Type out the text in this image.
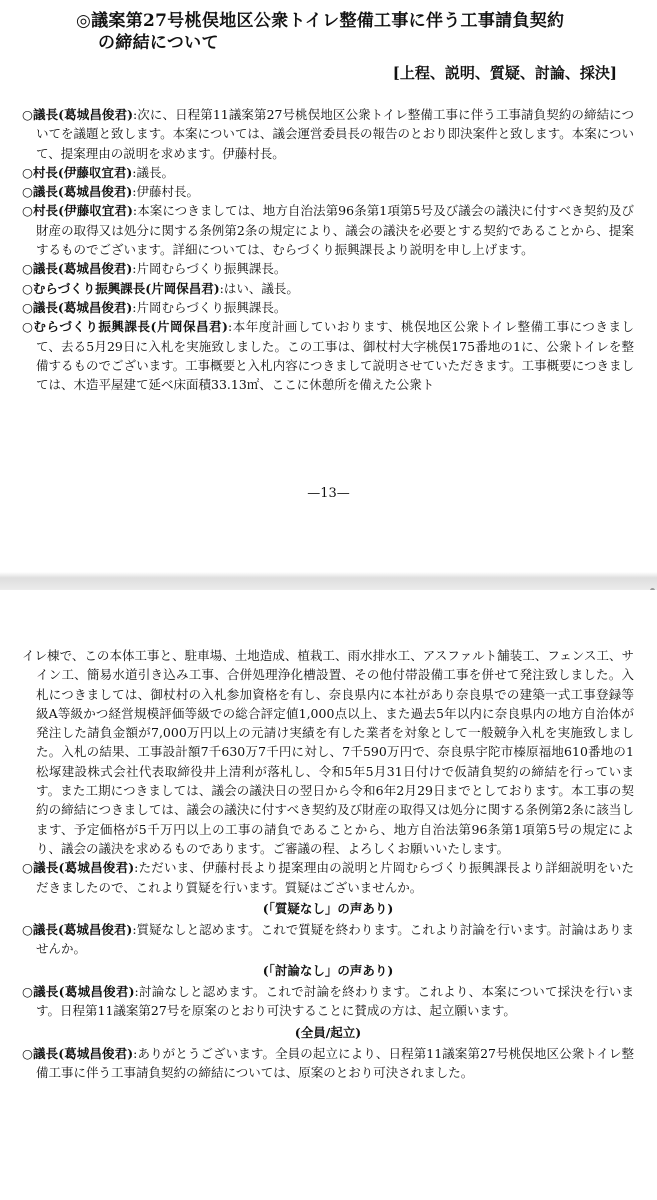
◎議案第27号桃俣地区公衆トイレ整備工事に伴う工事請負契約
の締結について
[上程、説明、質疑、討論、採決]

○議長(葛城昌俊君):次に、日程第11議案第27号桃俣地区公衆トイレ整備工事に伴う工事請負契約の締結についてを議題と致します。本案については、議会運営委員長の報告のとおり即決案件と致します。本案について、提案理由の説明を求めます。伊藤村長。

○村長(伊藤収宜君):議長。

○議長(葛城昌俊君):伊藤村長。

○村長(伊藤収宜君):本案につきましては、地方自治法第96条第1項第5号及び議会の議決に付すべき契約及び財産の取得又は処分に関する条例第2条の規定により、議会の議決を必要とする契約であることから、提案するものでございます。詳細については、むらづくり振興課長より説明を申し上げます。

○議長(葛城昌俊君):片岡むらづくり振興課長。

○むらづくり振興課長(片岡保昌君):はい、議長。

○議長(葛城昌俊君):片岡むらづくり振興課長。

○むらづくり振興課長(片岡保昌君):本年度計画していおります、桃俣地区公衆トイレ整備工事につきまして、去る5月29日に入札を実施致しました。この工事は、御杖村大字桃俣175番地の1に、公衆トイレを整備するものでございます。工事概要と入札内容につきまして説明させていただきます。工事概要につきましては、木造平屋建て延べ床面積33.13㎡、ここに休憩所を備えた公衆ト

—13—

イレ棟で、この本体工事と、駐車場、土地造成、植栽工、雨水排水工、アスファルト舗装工、フェンス工、サイン工、簡易水道引き込み工事、合併処理浄化槽設置、その他付帯設備工事を併せて発注致しました。入札につきましては、御杖村の入札参加資格を有し、奈良県内に本社があり奈良県での建築一式工事登録等級A等級かつ経営規模評価等級での総合評定値1,000点以上、また過去5年以内に奈良県内の地方自治体が発注した請負金額が7,000万円以上の元請け実績を有した業者を対象として一般競争入札を実施致しました。入札の結果、工事設計額7千630万7千円に対し、7千590万円で、奈良県宇陀市榛原福地610番地の1松塚建設株式会社代表取締役井上清利が落札し、令和5年5月31日付けで仮請負契約の締結を行っています。また工期につきましては、議会の議決日の翌日から令和6年2月29日までとしております。本工事の契約の締結につきましては、議会の議決に付すべき契約及び財産の取得又は処分に関する条例第2条に該当します、予定価格が5千万円以上の工事の請負であることから、地方自治法第96条第1項第5号の規定により、議会の議決を求めるものであります。ご審議の程、よろしくお願いいたします。

○議長(葛城昌俊君):ただいま、伊藤村長より提案理由の説明と片岡むらづくり振興課長より詳細説明をいただきましたので、これより質疑を行います。質疑はございませんか。

(「質疑なし」の声あり)

○議長(葛城昌俊君):質疑なしと認めます。これで質疑を終わります。これより討論を行います。討論はありませんか。

(「討論なし」の声あり)

○議長(葛城昌俊君):討論なしと認めます。これで討論を終わります。これより、本案について採決を行います。日程第11議案第27号を原案のとおり可決することに賛成の方は、起立願います。

(全員/起立)

○議長(葛城昌俊君):ありがとうございます。全員の起立により、日程第11議案第27号桃俣地区公衆トイレ整備工事に伴う工事請負契約の締結については、原案のとおり可決されました。
